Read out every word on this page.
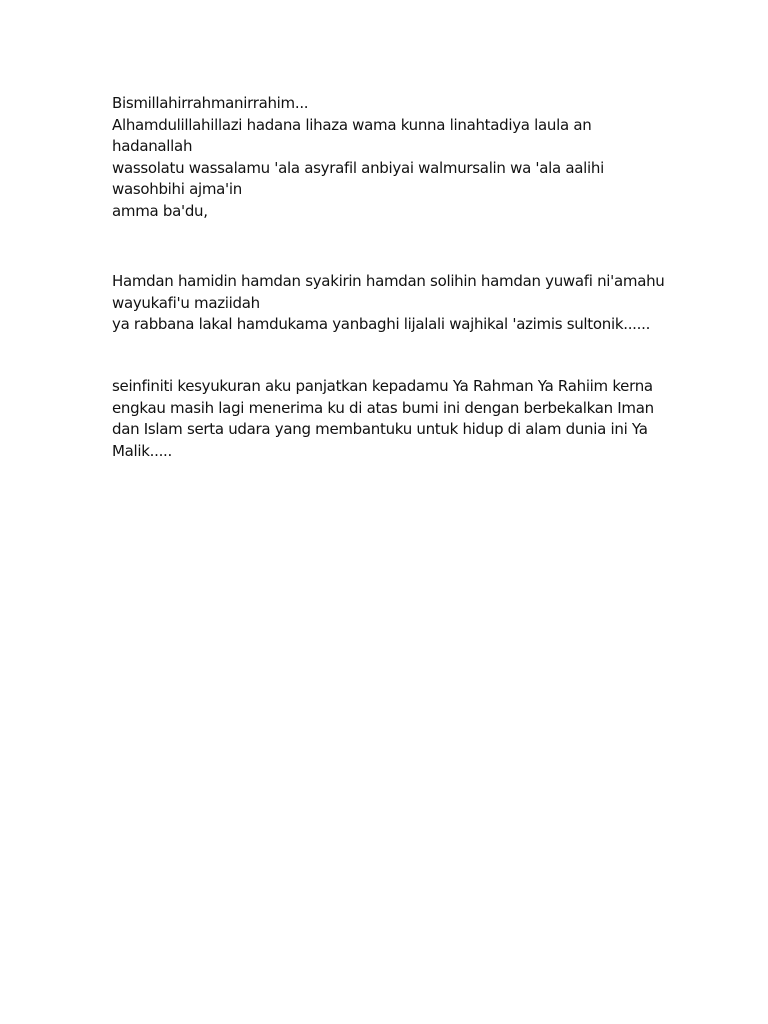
Bismillahirrahmanirrahim...
Alhamdulillahillazi hadana lihaza wama kunna linahtadiya laula an
hadanallah
wassolatu wassalamu 'ala asyrafil anbiyai walmursalin wa 'ala aalihi
wasohbihi ajma'in
amma ba'du,
Hamdan hamidin hamdan syakirin hamdan solihin hamdan yuwafi ni'amahu
wayukafi'u maziidah
ya rabbana lakal hamdukama yanbaghi lijalali wajhikal 'azimis sultonik......
seinfiniti kesyukuran aku panjatkan kepadamu Ya Rahman Ya Rahiim kerna
engkau masih lagi menerima ku di atas bumi ini dengan berbekalkan Iman
dan Islam serta udara yang membantuku untuk hidup di alam dunia ini Ya
Malik.....
